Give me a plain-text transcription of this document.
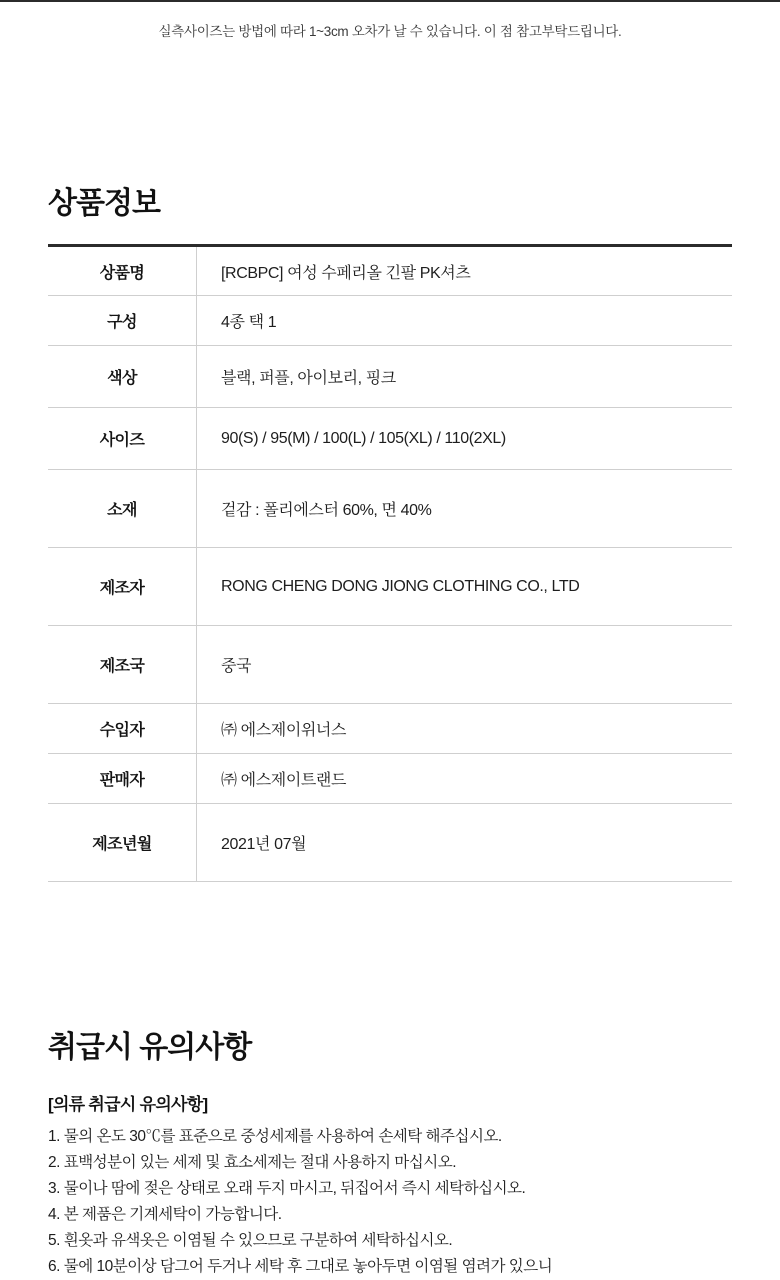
실측사이즈는 방법에 따라 1~3cm 오차가 날 수 있습니다. 이 점 참고부탁드립니다.
상품정보
상품명	[RCBPC] 여성 수페리올 긴팔 PK셔츠
구성	4종 택 1
색상	블랙, 퍼플, 아이보리, 핑크
사이즈	90(S) / 95(M) / 100(L) / 105(XL) / 110(2XL)
소재	겉감 : 폴리에스터 60%, 면 40%
제조자	RONG CHENG DONG JIONG CLOTHING CO., LTD
제조국	중국
수입자	㈜ 에스제이위너스
판매자	㈜ 에스제이트랜드
제조년월	2021년 07월
취급시 유의사항
[의류 취급시 유의사항]
1. 물의 온도 30℃를 표준으로 중성세제를 사용하여 손세탁 해주십시오.
2. 표백성분이 있는 세제 및 효소세제는 절대 사용하지 마십시오.
3. 물이나 땀에 젖은 상태로 오래 두지 마시고, 뒤집어서 즉시 세탁하십시오.
4. 본 제품은 기계세탁이 가능합니다.
5. 흰옷과 유색옷은 이염될 수 있으므로 구분하여 세탁하십시오.
6. 물에 10분이상 담그어 두거나 세탁 후 그대로 놓아두면 이염될 염려가 있으니
